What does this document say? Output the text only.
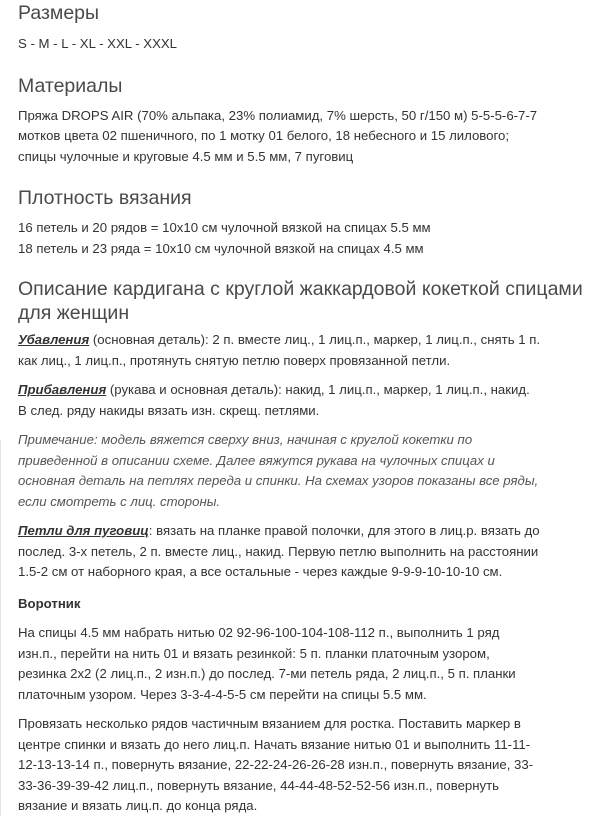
Размеры

S - M - L - XL - XXL - XXXL

Материалы

Пряжа DROPS AIR (70% альпака, 23% полиамид, 7% шерсть, 50 г/150 м) 5-5-5-6-7-7

мотков цвета 02 пшеничного, по 1 мотку 01 белого, 18 небесного и 15 лилового;

спицы чулочные и круговые 4.5 мм и 5.5 мм, 7 пуговиц

Плотность вязания

16 петель и 20 рядов = 10x10 см чулочной вязкой на спицах 5.5 мм

18 петель и 23 ряда = 10x10 см чулочной вязкой на спицах 4.5 мм

Описание кардигана с круглой жаккардовой кокеткой спицами
для женщин

Убавления (основная деталь): 2 п. вместе лиц., 1 лиц.п., маркер, 1 лиц.п., снять 1 п.

как лиц., 1 лиц.п., протянуть снятую петлю поверх провязанной петли.

Прибавления (рукава и основная деталь): накид, 1 лиц.п., маркер, 1 лиц.п., накид.

В след. ряду накиды вязать изн. скрещ. петлями.

Примечание: модель вяжется сверху вниз, начиная с круглой кокетки по

приведенной в описании схеме. Далее вяжутся рукава на чулочных спицах и

основная деталь на петлях переда и спинки. На схемах узоров показаны все ряды,

если смотреть с лиц. стороны.

Петли для пуговиц: вязать на планке правой полочки, для этого в лиц.р. вязать до

послед. 3-х петель, 2 п. вместе лиц., накид. Первую петлю выполнить на расстоянии

1.5-2 см от наборного края, а все остальные - через каждые 9-9-9-10-10-10 см.

Воротник

На спицы 4.5 мм набрать нитью 02 92-96-100-104-108-112 п., выполнить 1 ряд

изн.п., перейти на нить 01 и вязать резинкой: 5 п. планки платочным узором,

резинка 2x2 (2 лиц.п., 2 изн.п.) до послед. 7-ми петель ряда, 2 лиц.п., 5 п. планки

платочным узором. Через 3-3-4-4-5-5 см перейти на спицы 5.5 мм.

Провязать несколько рядов частичным вязанием для ростка. Поставить маркер в

центре спинки и вязать до него лиц.п. Начать вязание нитью 01 и выполнить 11-11-

12-13-13-14 п., повернуть вязание, 22-22-24-26-26-28 изн.п., повернуть вязание, 33-

33-36-39-39-42 лиц.п., повернуть вязание, 44-44-48-52-52-56 изн.п., повернуть

вязание и вязать лиц.п. до конца ряда.
